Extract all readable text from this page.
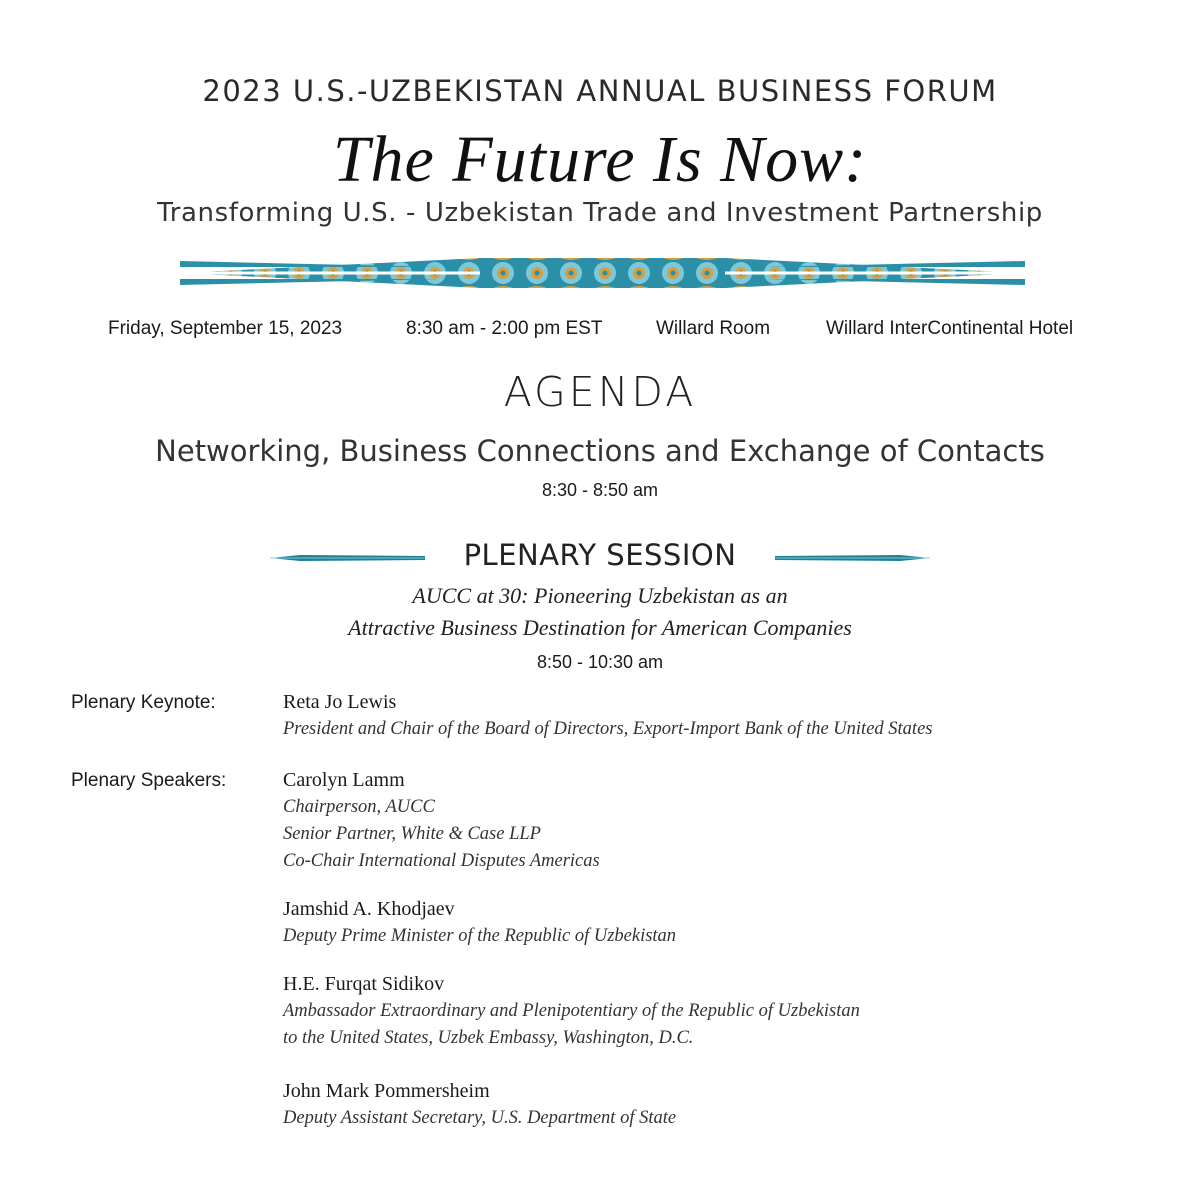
2023 U.S.-UZBEKISTAN ANNUAL BUSINESS FORUM
The Future Is Now:
Transforming U.S. - Uzbekistan Trade and Investment Partnership
Friday, September 15, 2023	8:30 am - 2:00 pm EST	Willard Room	Willard InterContinental Hotel
AGENDA
Networking, Business Connections and Exchange of Contacts
8:30 - 8:50 am
PLENARY SESSION
AUCC at 30: Pioneering Uzbekistan as an
Attractive Business Destination for American Companies
8:50 - 10:30 am
Plenary Keynote:	Reta Jo Lewis
President and Chair of the Board of Directors, Export-Import Bank of the United States
Plenary Speakers:	Carolyn Lamm
Chairperson, AUCC
Senior Partner, White & Case LLP
Co-Chair International Disputes Americas
Jamshid A. Khodjaev
Deputy Prime Minister of the Republic of Uzbekistan
H.E. Furqat Sidikov
Ambassador Extraordinary and Plenipotentiary of the Republic of Uzbekistan
to the United States, Uzbek Embassy, Washington, D.C.
John Mark Pommersheim
Deputy Assistant Secretary, U.S. Department of State
